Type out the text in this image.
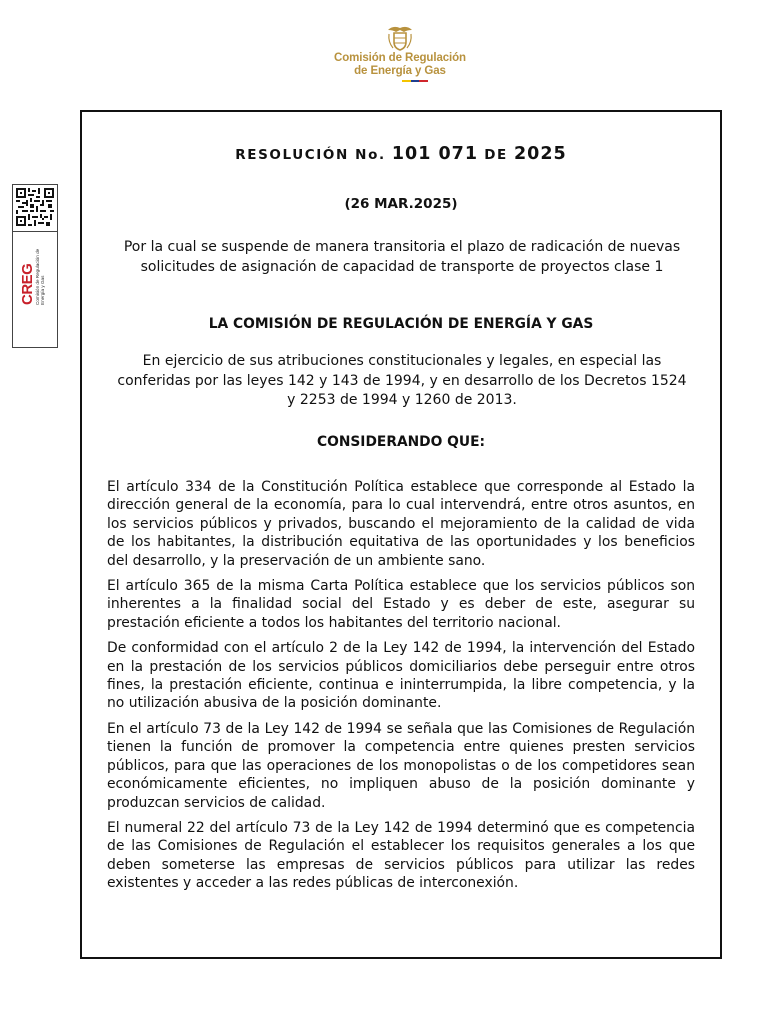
Comisión de Regulación
de Energía y Gas
CREG Comisión de Regulación de Energía y Gas
RESOLUCIÓN No. 101 071 DE 2025
(26 MAR.2025)
Por la cual se suspende de manera transitoria el plazo de radicación de nuevas solicitudes de asignación de capacidad de transporte de proyectos clase 1
LA COMISIÓN DE REGULACIÓN DE ENERGÍA Y GAS
En ejercicio de sus atribuciones constitucionales y legales, en especial las conferidas por las leyes 142 y 143 de 1994, y en desarrollo de los Decretos 1524 y 2253 de 1994 y 1260 de 2013.
CONSIDERANDO QUE:

El artículo 334 de la Constitución Política establece que corresponde al Estado la dirección general de la economía, para lo cual intervendrá, entre otros asuntos, en los servicios públicos y privados, buscando el mejoramiento de la calidad de vida de los habitantes, la distribución equitativa de las oportunidades y los beneficios del desarrollo, y la preservación de un ambiente sano.

El artículo 365 de la misma Carta Política establece que los servicios públicos son inherentes a la finalidad social del Estado y es deber de este, asegurar su prestación eficiente a todos los habitantes del territorio nacional.

De conformidad con el artículo 2 de la Ley 142 de 1994, la intervención del Estado en la prestación de los servicios públicos domiciliarios debe perseguir entre otros fines, la prestación eficiente, continua e ininterrumpida, la libre competencia, y la no utilización abusiva de la posición dominante.

En el artículo 73 de la Ley 142 de 1994 se señala que las Comisiones de Regulación tienen la función de promover la competencia entre quienes presten servicios públicos, para que las operaciones de los monopolistas o de los competidores sean económicamente eficientes, no impliquen abuso de la posición dominante y produzcan servicios de calidad.

El numeral 22 del artículo 73 de la Ley 142 de 1994 determinó que es competencia de las Comisiones de Regulación el establecer los requisitos generales a los que deben someterse las empresas de servicios públicos para utilizar las redes existentes y acceder a las redes públicas de interconexión.
